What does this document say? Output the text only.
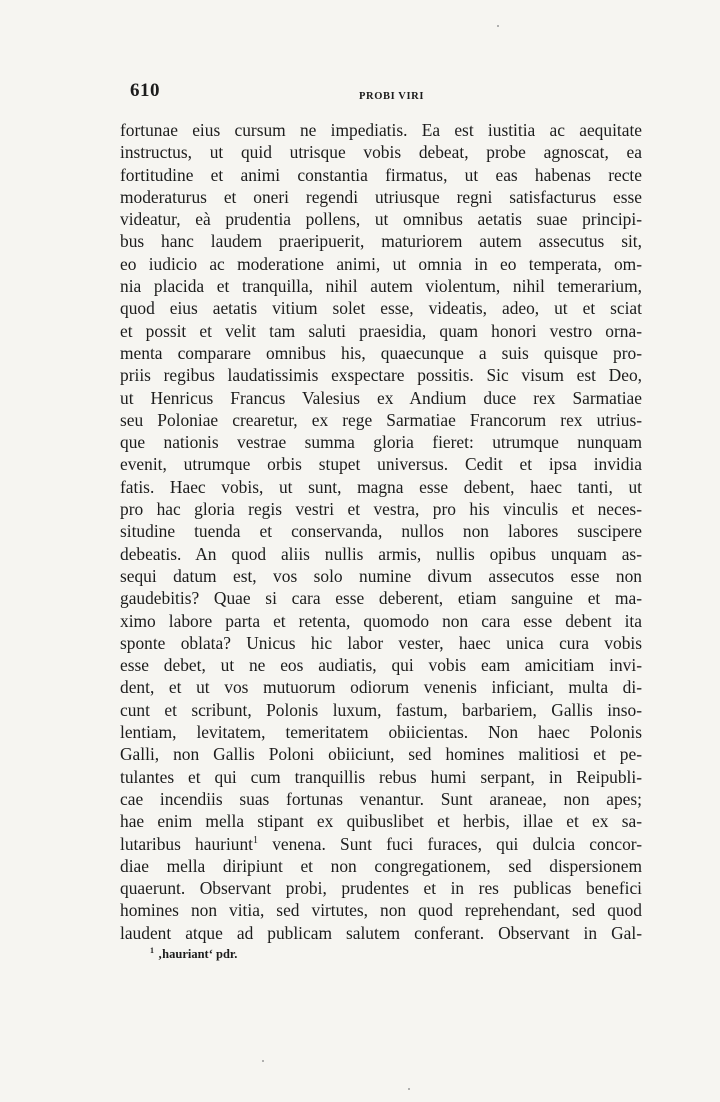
610	PROBI VIRI
fortunae eius cursum ne impediatis. Ea est iustitia ac aequitate
instructus, ut quid utrisque vobis debeat, probe agnoscat, ea
fortitudine et animi constantia firmatus, ut eas habenas recte
moderaturus et oneri regendi utriusque regni satisfacturus esse
videatur, eà prudentia pollens, ut omnibus aetatis suae principi-
bus hanc laudem praeripuerit, maturiorem autem assecutus sit,
eo iudicio ac moderatione animi, ut omnia in eo temperata, om-
nia placida et tranquilla, nihil autem violentum, nihil temerarium,
quod eius aetatis vitium solet esse, videatis, adeo, ut et sciat
et possit et velit tam saluti praesidia, quam honori vestro orna-
menta comparare omnibus his, quaecunque a suis quisque pro-
priis regibus laudatissimis exspectare possitis. Sic visum est Deo,
ut Henricus Francus Valesius ex Andium duce rex Sarmatiae
seu Poloniae crearetur, ex rege Sarmatiae Francorum rex utrius-
que nationis vestrae summa gloria fieret: utrumque nunquam
evenit, utrumque orbis stupet universus. Cedit et ipsa invidia
fatis. Haec vobis, ut sunt, magna esse debent, haec tanti, ut
pro hac gloria regis vestri et vestra, pro his vinculis et neces-
situdine tuenda et conservanda, nullos non labores suscipere
debeatis. An quod aliis nullis armis, nullis opibus unquam as-
sequi datum est, vos solo numine divum assecutos esse non
gaudebitis? Quae si cara esse deberent, etiam sanguine et ma-
ximo labore parta et retenta, quomodo non cara esse debent ita
sponte oblata? Unicus hic labor vester, haec unica cura vobis
esse debet, ut ne eos audiatis, qui vobis eam amicitiam invi-
dent, et ut vos mutuorum odiorum venenis inficiant, multa di-
cunt et scribunt, Polonis luxum, fastum, barbariem, Gallis inso-
lentiam, levitatem, temeritatem obiicientas. Non haec Polonis
Galli, non Gallis Poloni obiiciunt, sed homines malitiosi et pe-
tulantes et qui cum tranquillis rebus humi serpant, in Reipubli-
cae incendiis suas fortunas venantur. Sunt araneae, non apes;
hae enim mella stipant ex quibuslibet et herbis, illae et ex sa-
lutaribus hauriunt$^1$ venena. Sunt fuci furaces, qui dulcia concor-
diae mella diripiunt et non congregationem, sed dispersionem
quaerunt. Observant probi, prudentes et in res publicas benefici
homines non vitia, sed virtutes, non quod reprehendant, sed quod
laudent atque ad publicam salutem conferant. Observant in Gal-
$^1$ ‚hauriant‘ pdr.
